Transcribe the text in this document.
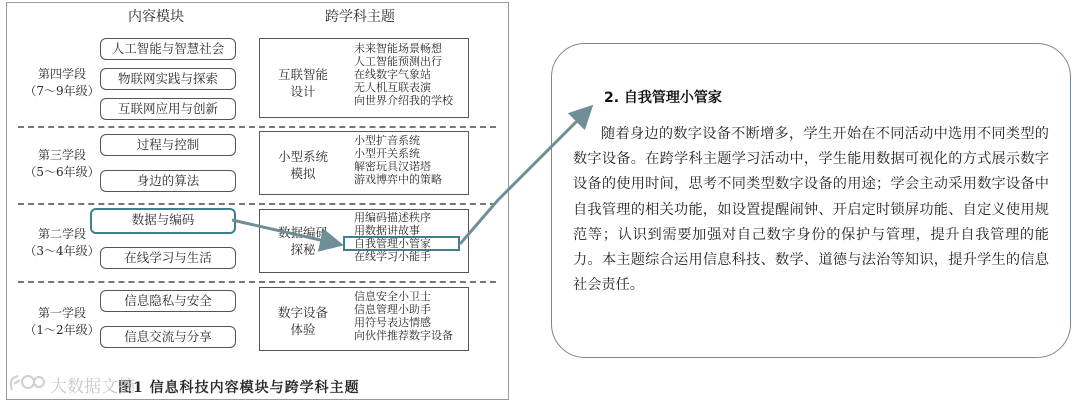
内容模块	跨学科主题
第四学段
（7～9年级）
人工智能与智慧社会
物联网实践与探索
互联网应用与创新
互联智能
设计
未来智能场景畅想
人工智能预测出行
在线数字气象站
无人机互联表演
向世界介绍我的学校
第三学段
（5～6年级）
过程与控制
身边的算法
小型系统
模拟
小型扩音系统
小型开关系统
解密玩具汉诺塔
游戏博弈中的策略
第二学段
（3～4年级）
数据与编码
在线学习与生活
数据编码
探秘
用编码描述秩序
用数据讲故事
自我管理小管家
在线学习小能手
第一学段
（1～2年级）
信息隐私与安全
信息交流与分享
数字设备
体验
信息安全小卫士
信息管理小助手
用符号表达情感
向伙伴推荐数字设备
图1 信息科技内容模块与跨学科主题
大数据文摘
2. 自我管理小管家
随着身边的数字设备不断增多，学生开始在不同活动中选用不同类型的数字设备。在跨学科主题学习活动中，学生能用数据可视化的方式展示数字设备的使用时间，思考不同类型数字设备的用途；学会主动采用数字设备中自我管理的相关功能，如设置提醒闹钟、开启定时锁屏功能、自定义使用规范等；认识到需要加强对自己数字身份的保护与管理，提升自我管理的能力。本主题综合运用信息科技、数学、道德与法治等知识，提升学生的信息社会责任。
